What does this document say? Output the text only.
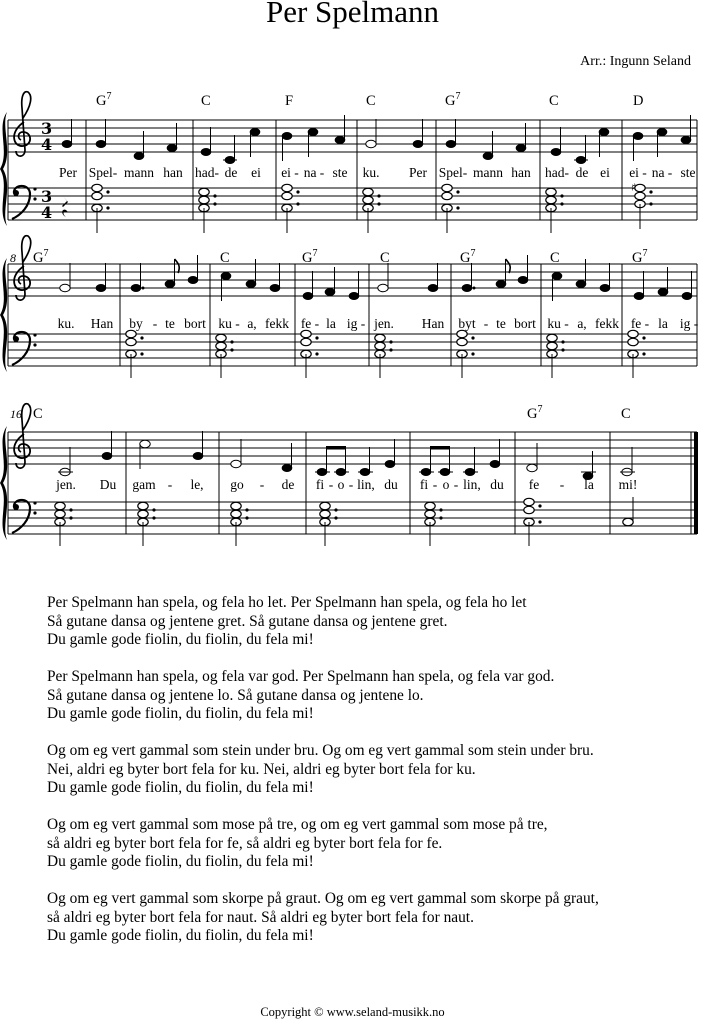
Per Spelmann
Arr.: Ingunn Seland
3
4
3
4
♯
$G^7$	C	F	C	$G^7$	C	D
Per Spel- mann han had- de ei ei - na - ste ku. Per Spel- mann han had- de ei ei - na - ste
8 $G^7$	C	$G^7$	C	$G^7$	C	$G^7$
ku. Han by - te bort ku - a, fekk fe - la ig - jen. Han byt - te bort ku - a, fekk fe - la ig -
16 C	$G^7$	C
jen. Du gam - le, go - de fi - o - lin, du fi - o - lin, du fe - la mi!
Per Spelmann han spela, og fela ho let. Per Spelmann han spela, og fela ho let
Så gutane dansa og jentene gret. Så gutane dansa og jentene gret.
Du gamle gode fiolin, du fiolin, du fela mi!
Per Spelmann han spela, og fela var god. Per Spelmann han spela, og fela var god.
Så gutane dansa og jentene lo. Så gutane dansa og jentene lo.
Du gamle gode fiolin, du fiolin, du fela mi!
Og om eg vert gammal som stein under bru. Og om eg vert gammal som stein under bru.
Nei, aldri eg byter bort fela for ku. Nei, aldri eg byter bort fela for ku.
Du gamle gode fiolin, du fiolin, du fela mi!
Og om eg vert gammal som mose på tre, og om eg vert gammal som mose på tre,
så aldri eg byter bort fela for fe, så aldri eg byter bort fela for fe.
Du gamle gode fiolin, du fiolin, du fela mi!
Og om eg vert gammal som skorpe på graut. Og om eg vert gammal som skorpe på graut,
så aldri eg byter bort fela for naut. Så aldri eg byter bort fela for naut.
Du gamle gode fiolin, du fiolin, du fela mi!
Copyright © www.seland-musikk.no
